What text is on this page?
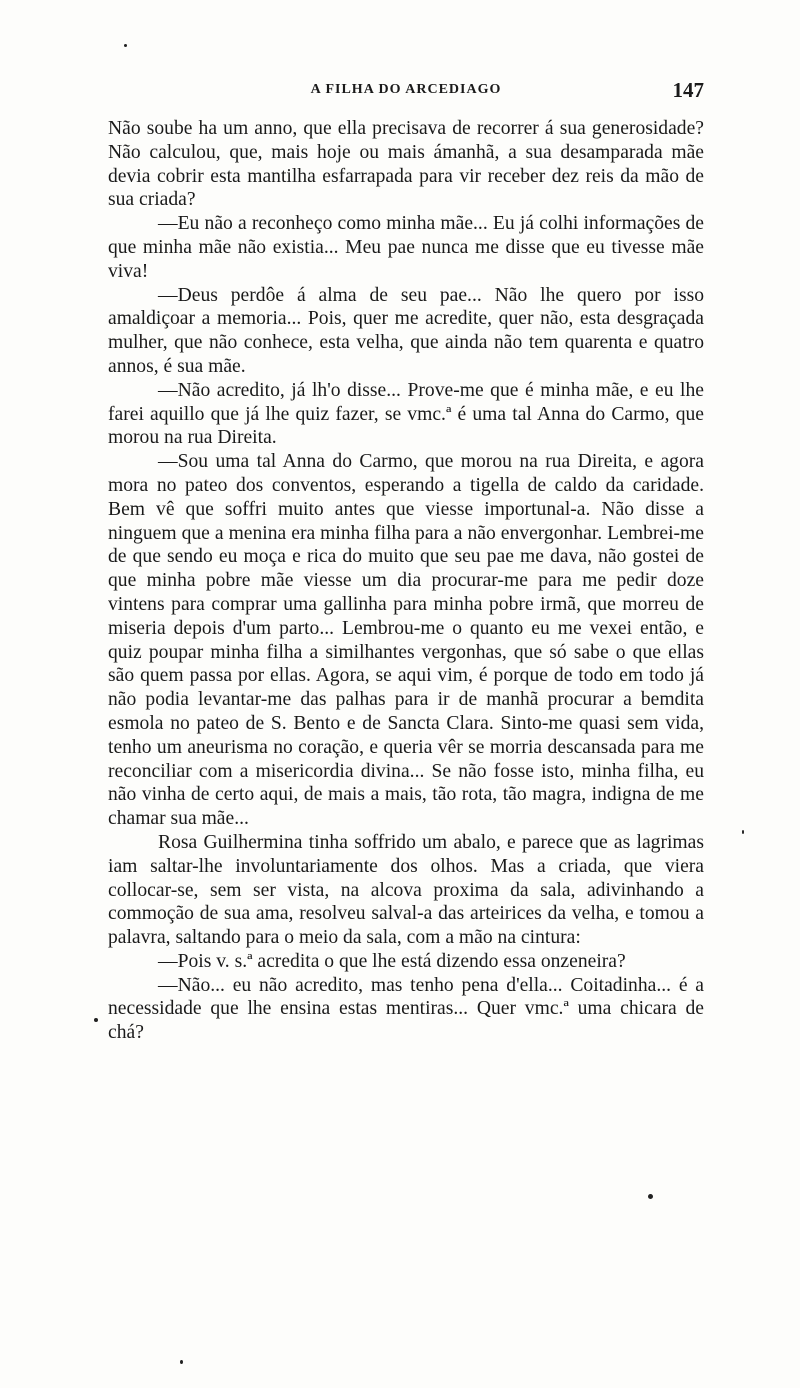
A FILHA DO ARCEDIAGO	147

Não soube ha um anno, que ella precisava de recorrer á sua generosidade? Não calculou, que, mais hoje ou mais ámanhã, a sua desamparada mãe devia cobrir esta mantilha esfarrapada para vir receber dez reis da mão de sua criada?

—Eu não a reconheço como minha mãe... Eu já colhi informações de que minha mãe não existia... Meu pae nunca me disse que eu tivesse mãe viva!

—Deus perdôe á alma de seu pae... Não lhe quero por isso amaldiçoar a memoria... Pois, quer me acredite, quer não, esta desgraçada mulher, que não conhece, esta velha, que ainda não tem quarenta e quatro annos, é sua mãe.

—Não acredito, já lh'o disse... Prove-me que é minha mãe, e eu lhe farei aquillo que já lhe quiz fazer, se vmc.ª é uma tal Anna do Carmo, que morou na rua Direita.

—Sou uma tal Anna do Carmo, que morou na rua Direita, e agora mora no pateo dos conventos, esperando a tigella de caldo da caridade. Bem vê que soffri muito antes que viesse importunal-a. Não disse a ninguem que a menina era minha filha para a não envergonhar. Lembrei-me de que sendo eu moça e rica do muito que seu pae me dava, não gostei de que minha pobre mãe viesse um dia procurar-me para me pedir doze vintens para comprar uma gallinha para minha pobre irmã, que morreu de miseria depois d'um parto... Lembrou-me o quanto eu me vexei então, e quiz poupar minha filha a similhantes vergonhas, que só sabe o que ellas são quem passa por ellas. Agora, se aqui vim, é porque de todo em todo já não podia levantar-me das palhas para ir de manhã procurar a bemdita esmola no pateo de S. Bento e de Sancta Clara. Sinto-me quasi sem vida, tenho um aneurisma no coração, e queria vêr se morria descansada para me reconciliar com a misericordia divina... Se não fosse isto, minha filha, eu não vinha de certo aqui, de mais a mais, tão rota, tão magra, indigna de me chamar sua mãe...

Rosa Guilhermina tinha soffrido um abalo, e parece que as lagrimas iam saltar-lhe involuntariamente dos olhos. Mas a criada, que viera collocar-se, sem ser vista, na alcova proxima da sala, adivinhando a commoção de sua ama, resolveu salval-a das arteirices da velha, e tomou a palavra, saltando para o meio da sala, com a mão na cintura:

—Pois v. s.ª acredita o que lhe está dizendo essa onzeneira?

—Não... eu não acredito, mas tenho pena d'ella... Coitadinha... é a necessidade que lhe ensina estas mentiras... Quer vmc.ª uma chicara de chá?
